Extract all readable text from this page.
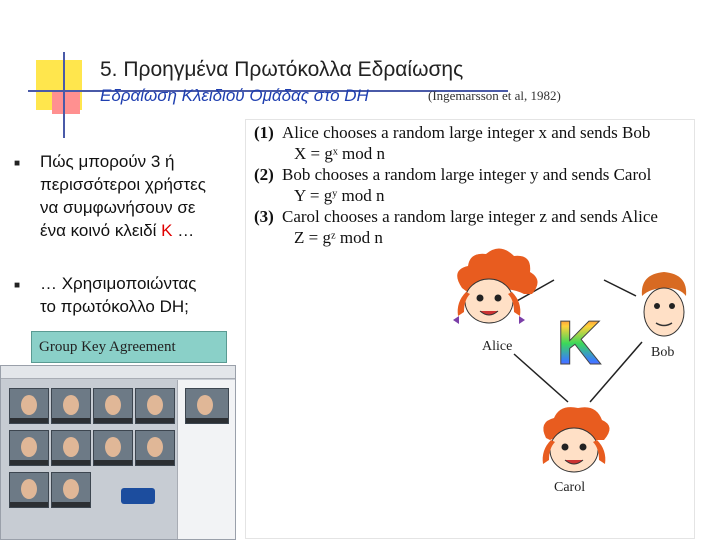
5. Προηγμένα Πρωτόκολλα Εδραίωσης
Εδραίωση Κλειδιού Ομάδας στο DH	(Ingemarsson et al, 1982)
■ Πώς μπορούν 3 ή
περισσότεροι χρήστες
να συμφωνήσουν σε
ένα κοινό κλειδί K …
■ … Χρησιμοποιώντας
το πρωτόκολλο DH;
Group Key Agreement
(1) Alice chooses a random large integer x and sends Bob
X = gˣ mod n
(2) Bob chooses a random large integer y and sends Carol
Y = gʸ mod n
(3) Carol chooses a random large integer z and sends Alice
Z = gᶻ mod n
K
Alice	Bob
Carol
